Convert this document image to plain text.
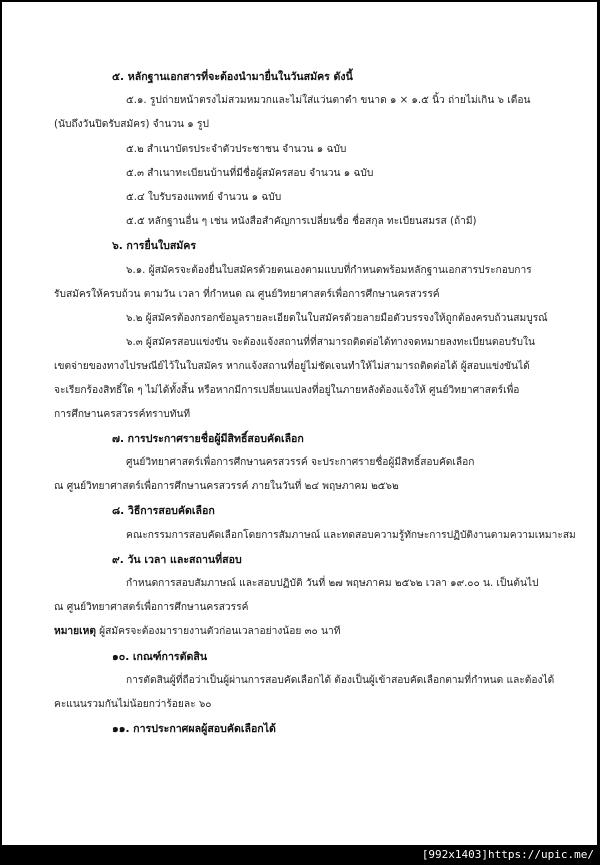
๕. หลักฐานเอกสารที่จะต้องนำมายื่นในวันสมัคร ดังนี้
๕.๑. รูปถ่ายหน้าตรงไม่สวมหมวกและไม่ใส่แว่นตาดำ ขนาด ๑ × ๑.๕ นิ้ว ถ่ายไม่เกิน ๖ เดือน
(นับถึงวันปิดรับสมัคร) จำนวน ๑ รูป
๕.๒ สำเนาบัตรประจำตัวประชาชน จำนวน ๑ ฉบับ
๕.๓ สำเนาทะเบียนบ้านที่มีชื่อผู้สมัครสอบ จำนวน ๑ ฉบับ
๕.๔ ใบรับรองแพทย์ จำนวน ๑ ฉบับ
๕.๕ หลักฐานอื่น ๆ เช่น หนังสือสำคัญการเปลี่ยนชื่อ ชื่อสกุล ทะเบียนสมรส (ถ้ามี)
๖. การยื่นใบสมัคร
๖.๑. ผู้สมัครจะต้องยื่นใบสมัครด้วยตนเองตามแบบที่กำหนดพร้อมหลักฐานเอกสารประกอบการ
รับสมัครให้ครบถ้วน ตามวัน เวลา ที่กำหนด ณ ศูนย์วิทยาศาสตร์เพื่อการศึกษานครสวรรค์
๖.๒ ผู้สมัครต้องกรอกข้อมูลรายละเอียดในใบสมัครด้วยลายมือตัวบรรจงให้ถูกต้องครบถ้วนสมบูรณ์
๖.๓ ผู้สมัครสอบแข่งขัน จะต้องแจ้งสถานที่ที่สามารถติดต่อได้ทางจดหมายลงทะเบียนตอบรับใน
เขตจ่ายของทางไปรษณีย์ไว้ในใบสมัคร หากแจ้งสถานที่อยู่ไม่ชัดเจนทำให้ไม่สามารถติดต่อได้ ผู้สอบแข่งขันได้
จะเรียกร้องสิทธิ์ใด ๆ ไม่ได้ทั้งสิ้น หรือหากมีการเปลี่ยนแปลงที่อยู่ในภายหลังต้องแจ้งให้ ศูนย์วิทยาศาสตร์เพื่อ
การศึกษานครสวรรค์ทราบทันที
๗. การประกาศรายชื่อผู้มีสิทธิ์สอบคัดเลือก
ศูนย์วิทยาศาสตร์เพื่อการศึกษานครสวรรค์ จะประกาศรายชื่อผู้มีสิทธิ์สอบคัดเลือก
ณ ศูนย์วิทยาศาสตร์เพื่อการศึกษานครสวรรค์ ภายในวันที่ ๒๔ พฤษภาคม ๒๕๖๒
๘. วิธีการสอบคัดเลือก
คณะกรรมการสอบคัดเลือกโดยการสัมภาษณ์ และทดสอบความรู้ทักษะการปฏิบัติงานตามความเหมาะสม
๙. วัน เวลา และสถานที่สอบ
กำหนดการสอบสัมภาษณ์ และสอบปฏิบัติ วันที่ ๒๗ พฤษภาคม ๒๕๖๒ เวลา ๑๙.๐๐ น. เป็นต้นไป
ณ ศูนย์วิทยาศาสตร์เพื่อการศึกษานครสวรรค์
๑๐. เกณฑ์การตัดสิน
การตัดสินผู้ที่ถือว่าเป็นผู้ผ่านการสอบคัดเลือกได้ ต้องเป็นผู้เข้าสอบคัดเลือกตามที่กำหนด และต้องได้
คะแนนรวมกันไม่น้อยกว่าร้อยละ ๖๐
๑๑. การประกาศผลผู้สอบคัดเลือกได้
หมายเหตุ ผู้สมัครจะต้องมารายงานตัวก่อนเวลาอย่างน้อย ๓๐ นาที
[992x1403]https://upic.me/
